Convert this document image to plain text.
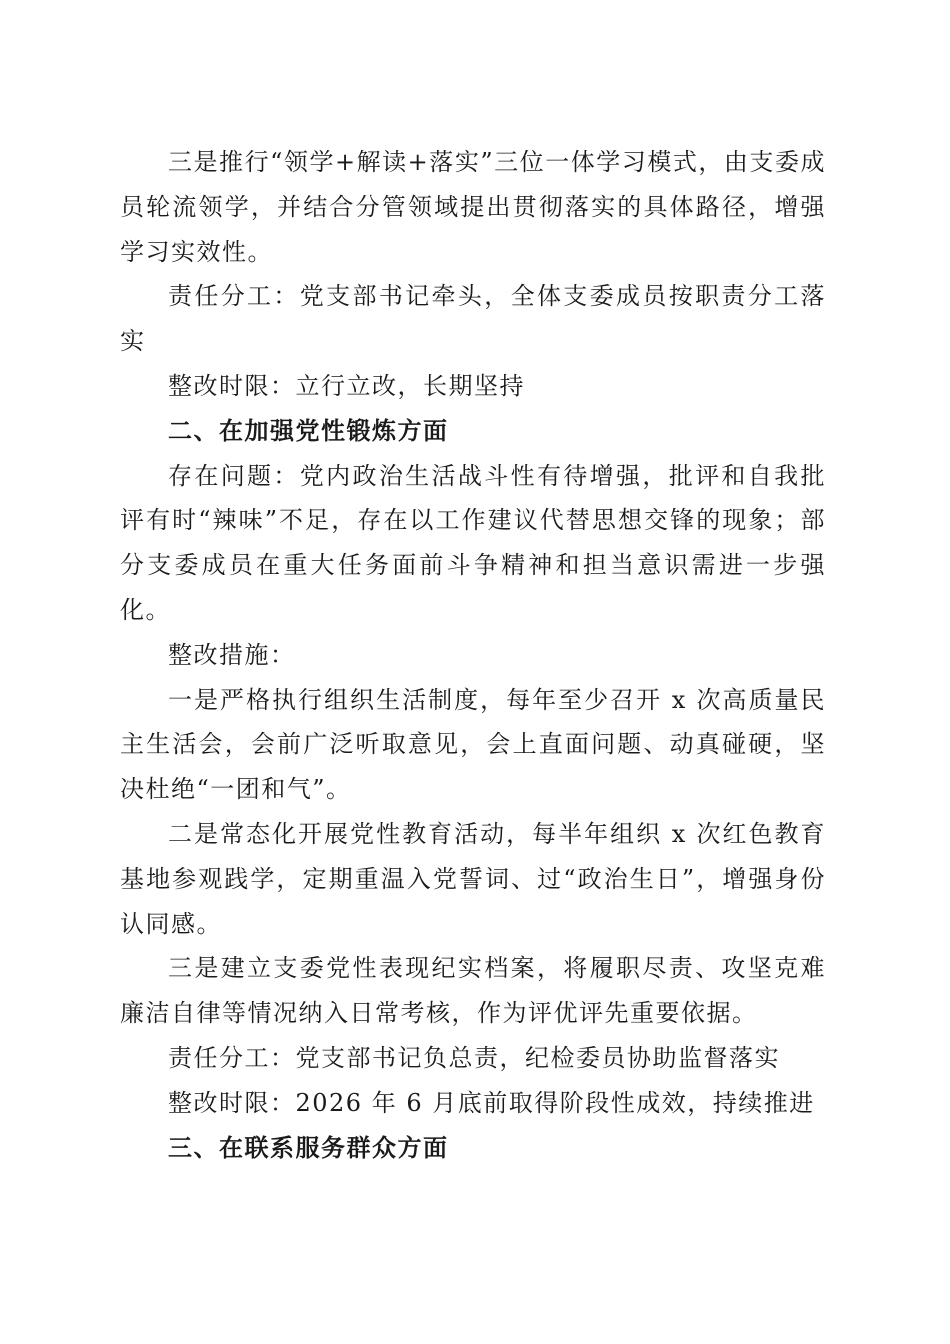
三是推行“领学+解读+落实”三位一体学习模式，由支委成员轮流领学，并结合分管领域提出贯彻落实的具体路径，增强学习实效性。

责任分工：党支部书记牵头，全体支委成员按职责分工落实

整改时限：立行立改，长期坚持

二、在加强党性锻炼方面

存在问题：党内政治生活战斗性有待增强，批评和自我批评有时“辣味”不足，存在以工作建议代替思想交锋的现象；部分支委成员在重大任务面前斗争精神和担当意识需进一步强化。

整改措施：

一是严格执行组织生活制度，每年至少召开 x 次高质量民主生活会，会前广泛听取意见，会上直面问题、动真碰硬，坚决杜绝“一团和气”。

二是常态化开展党性教育活动，每半年组织 x 次红色教育基地参观践学，定期重温入党誓词、过“政治生日”，增强身份认同感。

三是建立支委党性表现纪实档案，将履职尽责、攻坚克难廉洁自律等情况纳入日常考核，作为评优评先重要依据。

责任分工：党支部书记负总责，纪检委员协助监督落实

整改时限：2026 年 6 月底前取得阶段性成效，持续推进

三、在联系服务群众方面
